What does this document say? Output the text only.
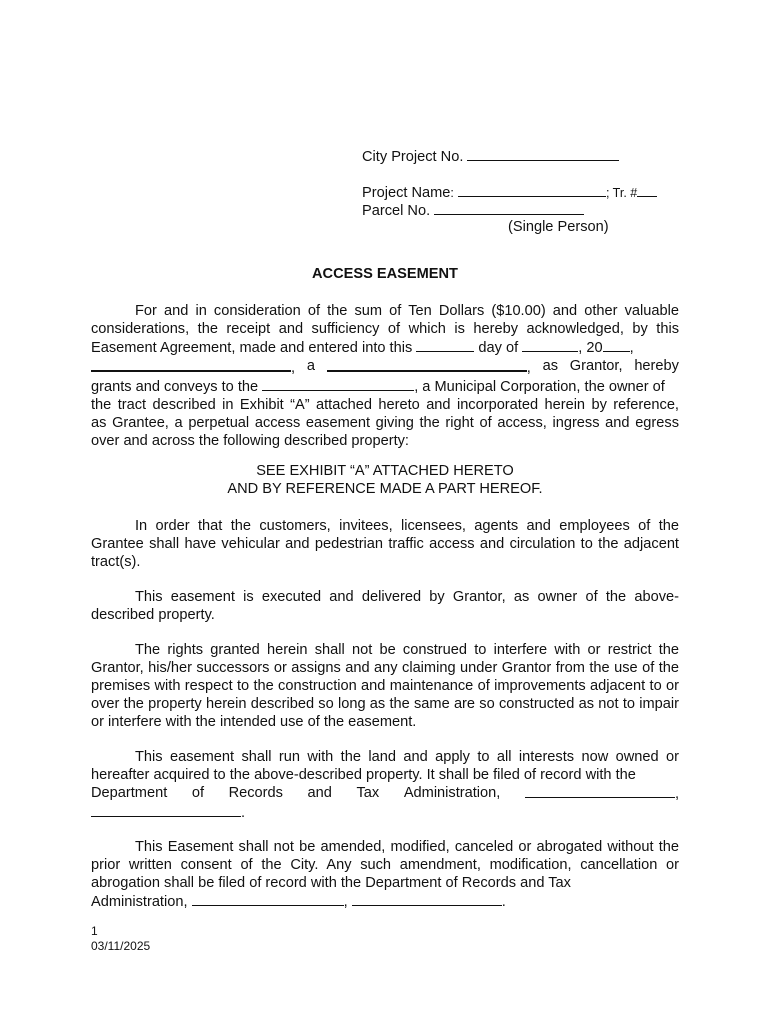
City Project No.
Project Name:	; Tr. #
Parcel No.
(Single Person)
ACCESS EASEMENT
For and in consideration of the sum of Ten Dollars ($10.00) and other valuable
considerations, the receipt and sufficiency of which is hereby acknowledged, by this
Easement Agreement, made and entered into this	day of	, 20 ,
, a	, as Grantor, hereby
grants and conveys to the	, a Municipal Corporation, the owner of
the tract described in Exhibit “A” attached hereto and incorporated herein by reference,
as Grantee, a perpetual access easement giving the right of access, ingress and egress
over and across the following described property:
SEE EXHIBIT “A” ATTACHED HERETO
AND BY REFERENCE MADE A PART HEREOF.
In order that the customers, invitees, licensees, agents and employees of the Grantee shall have vehicular and pedestrian traffic access and circulation to the adjacent tract(s).
This easement is executed and delivered by Grantor, as owner of the above-described property.
The rights granted herein shall not be construed to interfere with or restrict the Grantor, his/her successors or assigns and any claiming under Grantor from the use of the premises with respect to the construction and maintenance of improvements adjacent to or over the property herein described so long as the same are so constructed as not to impair or interfere with the intended use of the easement.
This easement shall run with the land and apply to all interests now owned or hereafter acquired to the above-described property. It shall be filed of record with the
Department of Records and Tax Administration,	,
.
This Easement shall not be amended, modified, canceled or abrogated without the prior written consent of the City. Any such amendment, modification, cancellation or abrogation shall be filed of record with the Department of Records and Tax
Administration,	,	.
1
03/11/2025
